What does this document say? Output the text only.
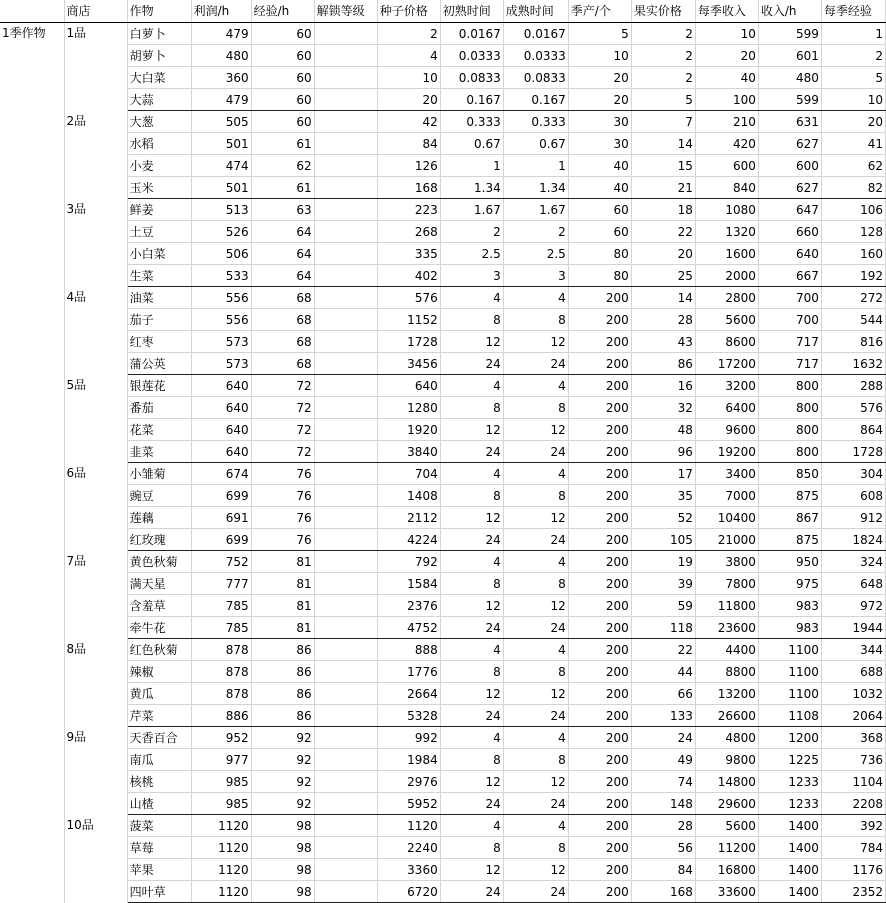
	商店	作物	利润/h	经验/h	解锁等级	种子价格	初熟时间	成熟时间	季产/个	果实价格	每季收入	收入/h	每季经验
1季作物	1品	白萝卜	479	60		2	0.0167	0.0167	5	2	10	599	1
		胡萝卜	480	60		4	0.0333	0.0333	10	2	20	601	2
		大白菜	360	60		10	0.0833	0.0833	20	2	40	480	5
		大蒜	479	60		20	0.167	0.167	20	5	100	599	10
	2品	大葱	505	60		42	0.333	0.333	30	7	210	631	20
		水稻	501	61		84	0.67	0.67	30	14	420	627	41
		小麦	474	62		126	1	1	40	15	600	600	62
		玉米	501	61		168	1.34	1.34	40	21	840	627	82
	3品	鲜姜	513	63		223	1.67	1.67	60	18	1080	647	106
		土豆	526	64		268	2	2	60	22	1320	660	128
		小白菜	506	64		335	2.5	2.5	80	20	1600	640	160
		生菜	533	64		402	3	3	80	25	2000	667	192
	4品	油菜	556	68		576	4	4	200	14	2800	700	272
		茄子	556	68		1152	8	8	200	28	5600	700	544
		红枣	573	68		1728	12	12	200	43	8600	717	816
		蒲公英	573	68		3456	24	24	200	86	17200	717	1632
	5品	银莲花	640	72		640	4	4	200	16	3200	800	288
		番茄	640	72		1280	8	8	200	32	6400	800	576
		花菜	640	72		1920	12	12	200	48	9600	800	864
		韭菜	640	72		3840	24	24	200	96	19200	800	1728
	6品	小雏菊	674	76		704	4	4	200	17	3400	850	304
		豌豆	699	76		1408	8	8	200	35	7000	875	608
		莲藕	691	76		2112	12	12	200	52	10400	867	912
		红玫瑰	699	76		4224	24	24	200	105	21000	875	1824
	7品	黄色秋菊	752	81		792	4	4	200	19	3800	950	324
		满天星	777	81		1584	8	8	200	39	7800	975	648
		含羞草	785	81		2376	12	12	200	59	11800	983	972
		牵牛花	785	81		4752	24	24	200	118	23600	983	1944
	8品	红色秋菊	878	86		888	4	4	200	22	4400	1100	344
		辣椒	878	86		1776	8	8	200	44	8800	1100	688
		黄瓜	878	86		2664	12	12	200	66	13200	1100	1032
		芹菜	886	86		5328	24	24	200	133	26600	1108	2064
	9品	天香百合	952	92		992	4	4	200	24	4800	1200	368
		南瓜	977	92		1984	8	8	200	49	9800	1225	736
		核桃	985	92		2976	12	12	200	74	14800	1233	1104
		山楂	985	92		5952	24	24	200	148	29600	1233	2208
	10品	菠菜	1120	98		1120	4	4	200	28	5600	1400	392
		草莓	1120	98		2240	8	8	200	56	11200	1400	784
		苹果	1120	98		3360	12	12	200	84	16800	1400	1176
		四叶草	1120	98		6720	24	24	200	168	33600	1400	2352
